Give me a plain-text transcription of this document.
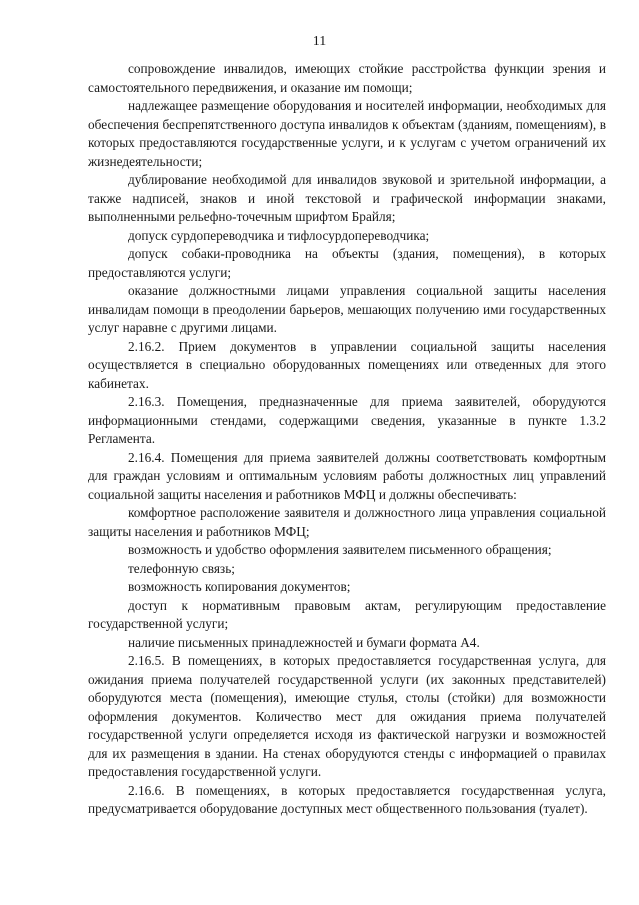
11

сопровождение инвалидов, имеющих стойкие расстройства функции зрения и самостоятельного передвижения, и оказание им помощи;

надлежащее размещение оборудования и носителей информации, необходимых для обеспечения беспрепятственного доступа инвалидов к объектам (зданиям, помещениям), в которых предоставляются государственные услуги, и к услугам с учетом ограничений их жизнедеятельности;

дублирование необходимой для инвалидов звуковой и зрительной информации, а также надписей, знаков и иной текстовой и графической информации знаками, выполненными рельефно-точечным шрифтом Брайля;

допуск сурдопереводчика и тифлосурдопереводчика;

допуск собаки-проводника на объекты (здания, помещения), в которых предоставляются услуги;

оказание должностными лицами управления социальной защиты населения инвалидам помощи в преодолении барьеров, мешающих получению ими государственных услуг наравне с другими лицами.

2.16.2. Прием документов в управлении социальной защиты населения осуществляется в специально оборудованных помещениях или отведенных для этого кабинетах.

2.16.3. Помещения, предназначенные для приема заявителей, оборудуются информационными стендами, содержащими сведения, указанные в пункте 1.3.2 Регламента.

2.16.4. Помещения для приема заявителей должны соответствовать комфортным для граждан условиям и оптимальным условиям работы должностных лиц управлений социальной защиты населения и работников МФЦ и должны обеспечивать:

комфортное расположение заявителя и должностного лица управления социальной защиты населения и работников МФЦ;

возможность и удобство оформления заявителем письменного обращения;

телефонную связь;

возможность копирования документов;

доступ к нормативным правовым актам, регулирующим предоставление государственной услуги;

наличие письменных принадлежностей и бумаги формата А4.

2.16.5. В помещениях, в которых предоставляется государственная услуга, для ожидания приема получателей государственной услуги (их законных представителей) оборудуются места (помещения), имеющие стулья, столы (стойки) для возможности оформления документов. Количество мест для ожидания приема получателей государственной услуги определяется исходя из фактической нагрузки и возможностей для их размещения в здании. На стенах оборудуются стенды с информацией о правилах предоставления государственной услуги.

2.16.6. В помещениях, в которых предоставляется государственная услуга, предусматривается оборудование доступных мест общественного пользования (туалет).
